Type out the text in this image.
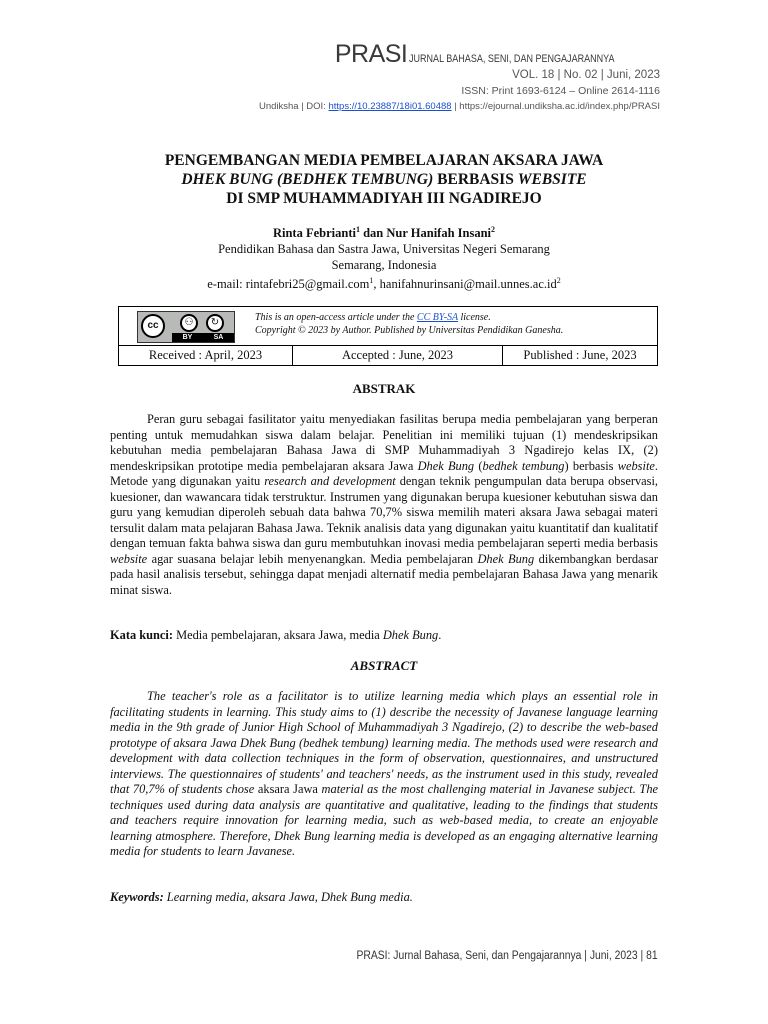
PRASI JURNAL BAHASA, SENI, DAN PENGAJARANNYA
VOL. 18 | No. 02 | Juni, 2023
ISSN: Print 1693-6124 – Online 2614-1116
Undiksha | DOI: https://10.23887/18i01.60488 | https://ejournal.undiksha.ac.id/index.php/PRASI
PENGEMBANGAN MEDIA PEMBELAJARAN AKSARA JAWA
DHEK BUNG (BEDHEK TEMBUNG) BERBASIS WEBSITE
DI SMP MUHAMMADIYAH III NGADIREJO
Rinta Febrianti$^1$ dan Nur Hanifah Insani$^2$
Pendidikan Bahasa dan Sastra Jawa, Universitas Negeri Semarang
Semarang, Indonesia
e-mail: rintafebri25@gmail.com$^1$, $hanifahnurinsani@mail.unnes.ac.id^2$
cc	⚇	↻
BY	SA
This is an open-access article under the CC BY-SA license.
Copyright © 2023 by Author. Published by Universitas Pendidikan Ganesha.
Received : April, 2023	Accepted : June, 2023	Published : June, 2023
ABSTRAK
Peran guru sebagai fasilitator yaitu menyediakan fasilitas berupa media pembelajaran yang berperan penting untuk memudahkan siswa dalam belajar. Penelitian ini memiliki tujuan (1) mendeskripsikan kebutuhan media pembelajaran Bahasa Jawa di SMP Muhammadiyah 3 Ngadirejo kelas IX, (2) mendeskripsikan prototipe media pembelajaran aksara Jawa Dhek Bung (bedhek tembung) berbasis website. Metode yang digunakan yaitu research and development dengan teknik pengumpulan data berupa observasi, kuesioner, dan wawancara tidak terstruktur. Instrumen yang digunakan berupa kuesioner kebutuhan siswa dan guru yang kemudian diperoleh sebuah data bahwa 70,7% siswa memilih materi aksara Jawa sebagai materi tersulit dalam mata pelajaran Bahasa Jawa. Teknik analisis data yang digunakan yaitu kuantitatif dan kualitatif dengan temuan fakta bahwa siswa dan guru membutuhkan inovasi media pembelajaran seperti media berbasis website agar suasana belajar lebih menyenangkan. Media pembelajaran Dhek Bung dikembangkan berdasar pada hasil analisis tersebut, sehingga dapat menjadi alternatif media pembelajaran Bahasa Jawa yang menarik minat siswa.
Kata kunci: Media pembelajaran, aksara Jawa, media Dhek Bung.
ABSTRACT
The teacher's role as a facilitator is to utilize learning media which plays an essential role in facilitating students in learning. This study aims to (1) describe the necessity of Javanese language learning media in the 9th grade of Junior High School of Muhammadiyah 3 Ngadirejo, (2) to describe the web-based prototype of aksara Jawa Dhek Bung (bedhek tembung) learning media. The methods used were research and development with data collection techniques in the form of observation, questionnaires, and unstructured interviews. The questionnaires of students' and teachers' needs, as the instrument used in this study, revealed that 70,7% of students chose aksara Jawa material as the most challenging material in Javanese subject. The techniques used during data analysis are quantitative and qualitative, leading to the findings that students and teachers require innovation for learning media, such as web-based media, to create an enjoyable learning atmosphere. Therefore, Dhek Bung learning media is developed as an engaging alternative learning media for students to learn Javanese.
Keywords: Learning media, aksara Jawa, Dhek Bung media.
PRASI: Jurnal Bahasa, Seni, dan Pengajarannya | Juni, 2023 | 81
